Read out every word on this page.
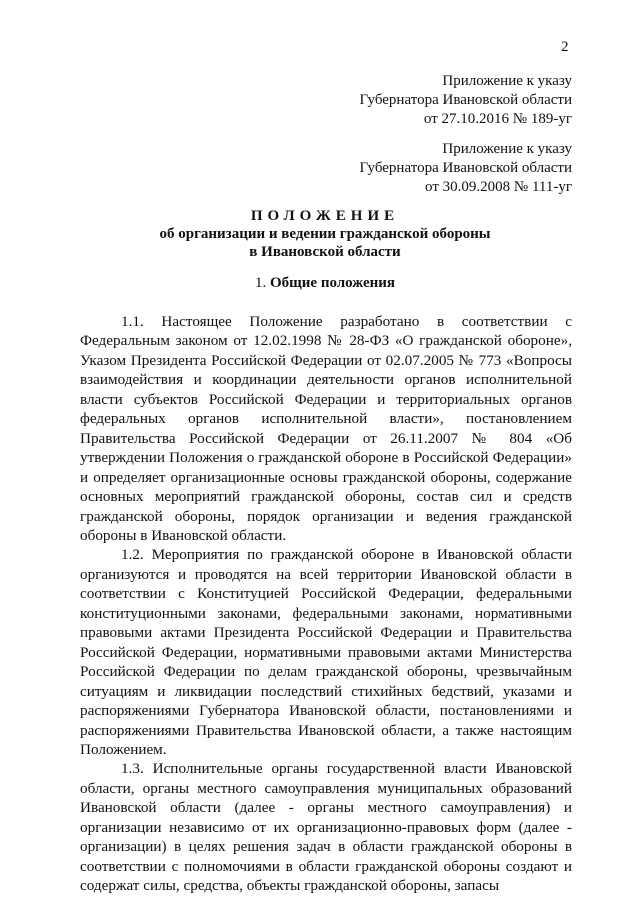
2
Приложение к указу
Губернатора Ивановской области
от 27.10.2016 № 189-уг
Приложение к указу
Губернатора Ивановской области
от 30.09.2008 № 111-уг
ПОЛОЖЕНИЕ
об организации и ведении гражданской обороны
в Ивановской области
1. Общие положения

1.1. Настоящее Положение разработано в соответствии с Федеральным законом от 12.02.1998 № 28-ФЗ «О гражданской обороне», Указом Президента Российской Федерации от 02.07.2005 № 773 «Вопросы взаимодействия и координации деятельности органов исполнительной власти субъектов Российской Федерации и территориальных органов федеральных органов исполнительной власти», постановлением Правительства Российской Федерации от 26.11.2007 № 804 «Об утверждении Положения о гражданской обороне в Российской Федерации» и определяет организационные основы гражданской обороны, содержание основных мероприятий гражданской обороны, состав сил и средств гражданской обороны, порядок организации и ведения гражданской обороны в Ивановской области.

1.2. Мероприятия по гражданской обороне в Ивановской области организуются и проводятся на всей территории Ивановской области в соответствии с Конституцией Российской Федерации, федеральными конституционными законами, федеральными законами, нормативными правовыми актами Президента Российской Федерации и Правительства Российской Федерации, нормативными правовыми актами Министерства Российской Федерации по делам гражданской обороны, чрезвычайным ситуациям и ликвидации последствий стихийных бедствий, указами и распоряжениями Губернатора Ивановской области, постановлениями и распоряжениями Правительства Ивановской области, а также настоящим Положением.

1.3. Исполнительные органы государственной власти Ивановской области, органы местного самоуправления муниципальных образований Ивановской области (далее - органы местного самоуправления) и организации независимо от их организационно-правовых форм (далее - организации) в целях решения задач в области гражданской обороны в соответствии с полномочиями в области гражданской обороны создают и содержат силы, средства, объекты гражданской обороны, запасы
